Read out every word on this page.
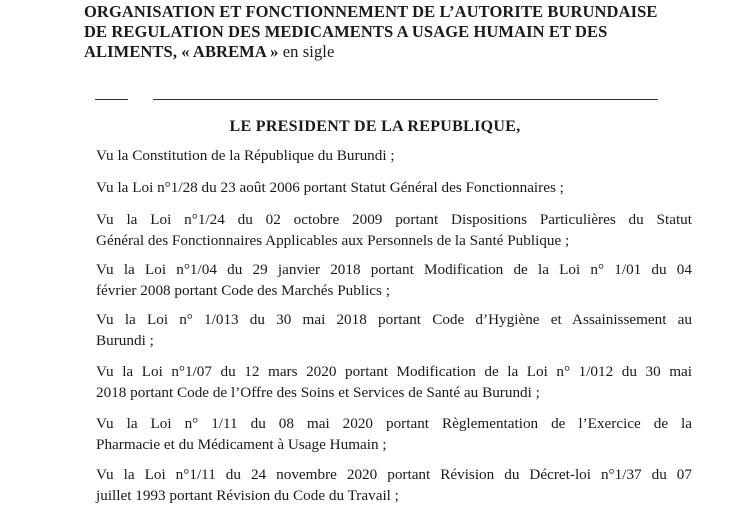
ORGANISATION ET FONCTIONNEMENT DE L’AUTORITE BURUNDAISE
DE REGULATION DES MEDICAMENTS A USAGE HUMAIN ET DES
ALIMENTS, « ABREMA » en sigle
LE PRESIDENT DE LA REPUBLIQUE,
Vu la Constitution de la République du Burundi ;
Vu la Loi n°1/28 du 23 août 2006 portant Statut Général des Fonctionnaires ;
Vu la Loi n°1/24 du 02 octobre 2009 portant Dispositions Particulières du Statut
Général des Fonctionnaires Applicables aux Personnels de la Santé Publique ;
Vu la Loi n°1/04 du 29 janvier 2018 portant Modification de la Loi n° 1/01 du 04
février 2008 portant Code des Marchés Publics ;
Vu la Loi n° 1/013 du 30 mai 2018 portant Code d’Hygiène et Assainissement au
Burundi ;
Vu la Loi n°1/07 du 12 mars 2020 portant Modification de la Loi n° 1/012 du 30 mai
2018 portant Code de l’Offre des Soins et Services de Santé au Burundi ;
Vu la Loi n° 1/11 du 08 mai 2020 portant Règlementation de l’Exercice de la
Pharmacie et du Médicament à Usage Humain ;
Vu la Loi n°1/11 du 24 novembre 2020 portant Révision du Décret-loi n°1/37 du 07
juillet 1993 portant Révision du Code du Travail ;
